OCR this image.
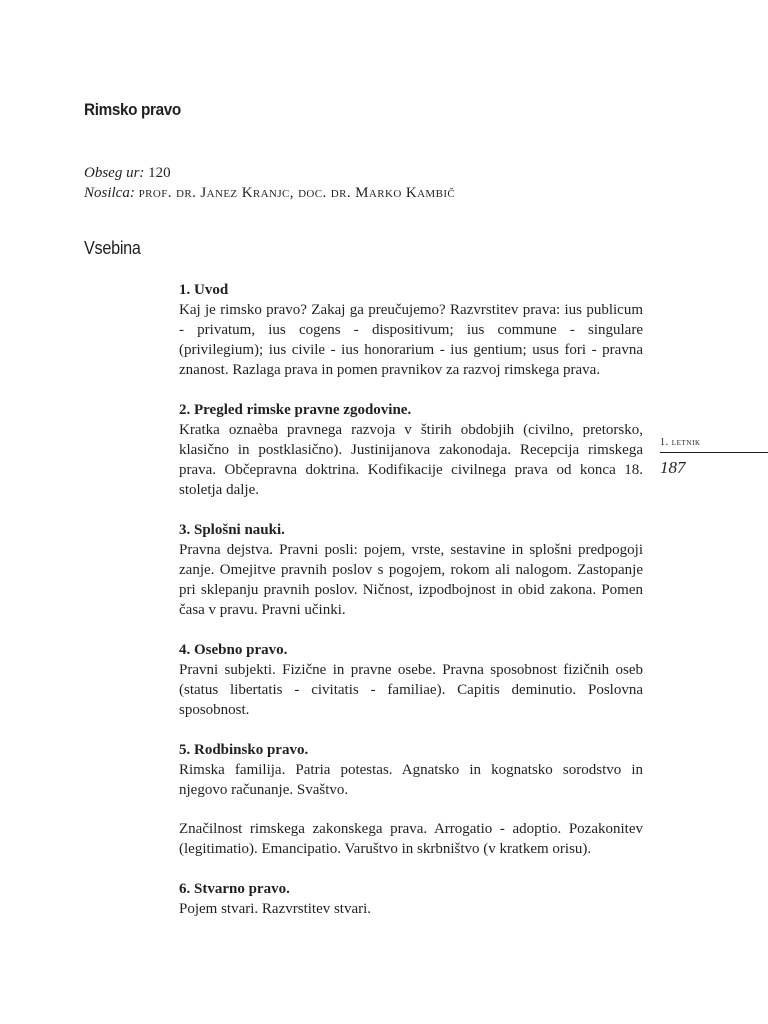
Rimsko pravo
Obseg ur: 120
Nosilca: prof. dr. Janez Kranjc, doc. dr. Marko Kambič
Vsebina
1. letnik
187
1. Uvod

Kaj je rimsko pravo? Zakaj ga preučujemo? Razvrstitev prava: ius publicum - privatum, ius cogens - dispositivum; ius commune - singulare (privilegium); ius civile - ius honorarium - ius gentium; usus fori - pravna znanost. Razlaga prava in pomen pravnikov za razvoj rimskega prava.

2. Pregled rimske pravne zgodovine.

Kratka oznaèba pravnega razvoja v štirih obdobjih (civilno, pretorsko, klasično in postklasično). Justinijanova zakonodaja. Recepcija rimskega prava. Občepravna doktrina. Kodifikacije civilnega prava od konca 18. stoletja dalje.

3. Splošni nauki.

Pravna dejstva. Pravni posli: pojem, vrste, sestavine in splošni predpogoji zanje. Omejitve pravnih poslov s pogojem, rokom ali nalogom. Zastopanje pri sklepanju pravnih poslov. Ničnost, izpodbojnost in obid zakona. Pomen časa v pravu. Pravni učinki.

4. Osebno pravo.

Pravni subjekti. Fizične in pravne osebe. Pravna sposobnost fizičnih oseb (status libertatis - civitatis - familiae). Capitis deminutio. Poslovna sposobnost.

5. Rodbinsko pravo.

Rimska familija. Patria potestas. Agnatsko in kognatsko sorodstvo in njegovo računanje. Svaštvo.

Značilnost rimskega zakonskega prava. Arrogatio - adoptio. Pozakonitev (legitimatio). Emancipatio. Varuštvo in skrbništvo (v kratkem orisu).

6. Stvarno pravo.

Pojem stvari. Razvrstitev stvari.
